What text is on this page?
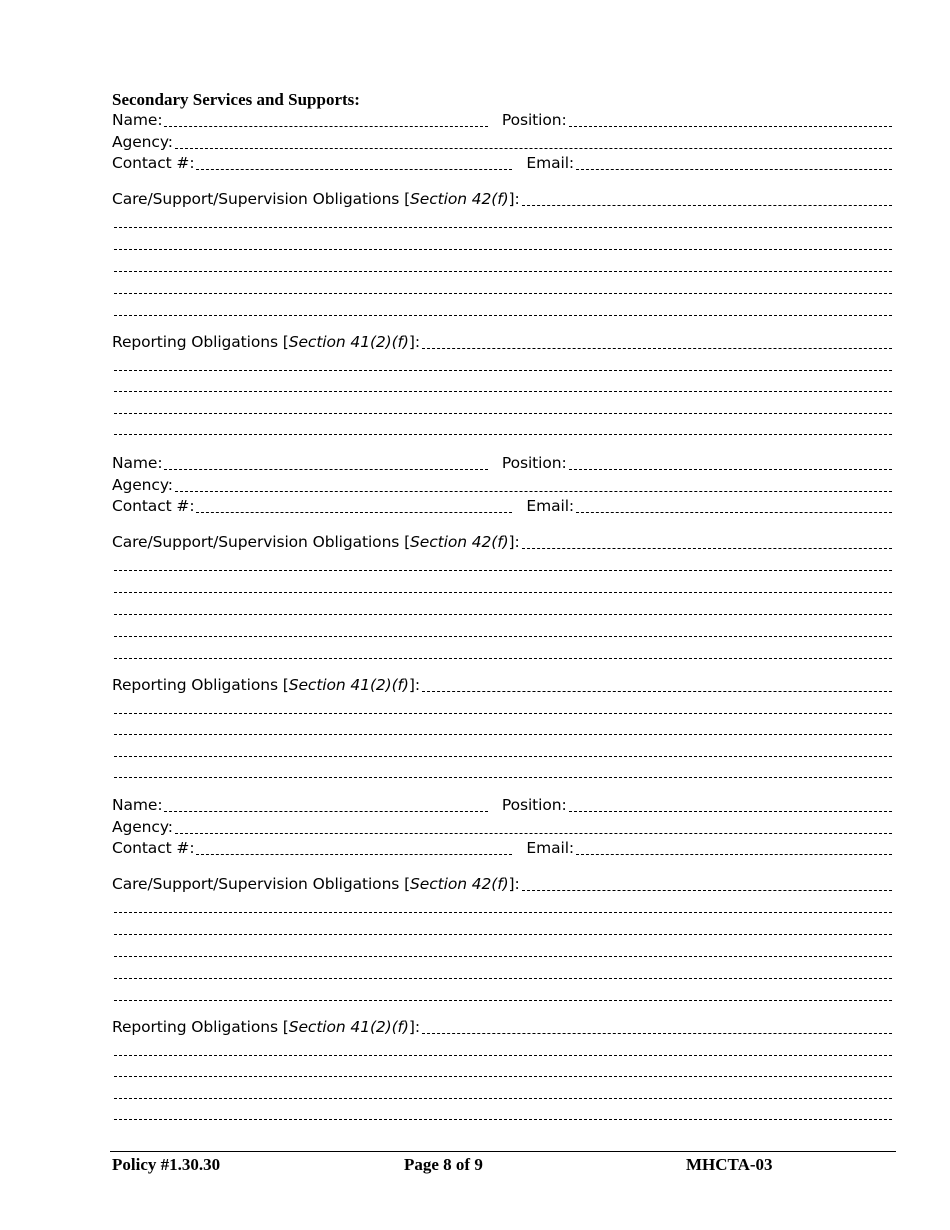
Secondary Services and Supports:
Name:	Position:
Agency:
Contact #:	Email:
Care/Support/Supervision Obligations [Section 42(f)]:
Reporting Obligations [Section 41(2)(f)]:
Name:	Position:
Agency:
Contact #:	Email:
Care/Support/Supervision Obligations [Section 42(f)]:
Reporting Obligations [Section 41(2)(f)]:
Name:	Position:
Agency:
Contact #:	Email:
Care/Support/Supervision Obligations [Section 42(f)]:
Reporting Obligations [Section 41(2)(f)]:
Policy #1.30.30	Page 8 of 9	MHCTA-03
